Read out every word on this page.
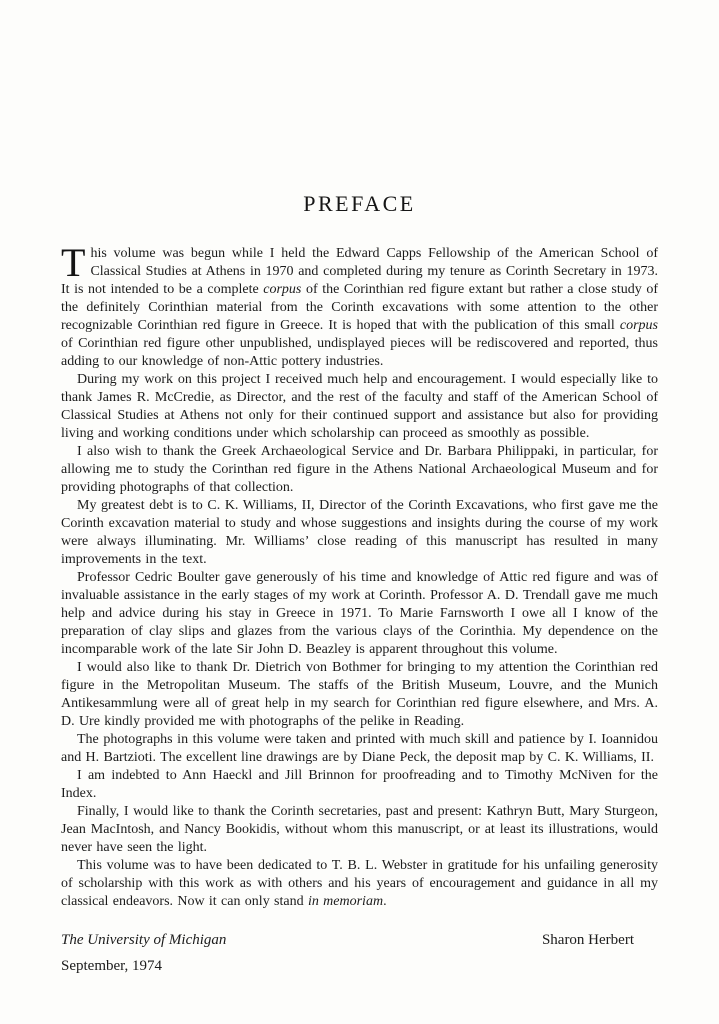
PREFACE

This volume was begun while I held the Edward Capps Fellowship of the American School of Classical Studies at Athens in 1970 and completed during my tenure as Corinth Secretary in 1973. It is not intended to be a complete corpus of the Corinthian red figure extant but rather a close study of the definitely Corinthian material from the Corinth excavations with some attention to the other recognizable Corinthian red figure in Greece. It is hoped that with the publication of this small corpus of Corinthian red figure other unpublished, undisplayed pieces will be rediscovered and reported, thus adding to our knowledge of non-Attic pottery industries.

During my work on this project I received much help and encouragement. I would especially like to thank James R. McCredie, as Director, and the rest of the faculty and staff of the American School of Classical Studies at Athens not only for their continued support and assistance but also for providing living and working conditions under which scholarship can proceed as smoothly as possible.

I also wish to thank the Greek Archaeological Service and Dr. Barbara Philippaki, in particular, for allowing me to study the Corinthan red figure in the Athens National Archaeological Museum and for providing photographs of that collection.

My greatest debt is to C. K. Williams, II, Director of the Corinth Excavations, who first gave me the Corinth excavation material to study and whose suggestions and insights during the course of my work were always illuminating. Mr. Williams’ close reading of this manuscript has resulted in many improvements in the text.

Professor Cedric Boulter gave generously of his time and knowledge of Attic red figure and was of invaluable assistance in the early stages of my work at Corinth. Professor A. D. Trendall gave me much help and advice during his stay in Greece in 1971. To Marie Farnsworth I owe all I know of the preparation of clay slips and glazes from the various clays of the Corinthia. My dependence on the incomparable work of the late Sir John D. Beazley is apparent throughout this volume.

I would also like to thank Dr. Dietrich von Bothmer for bringing to my attention the Corinthian red figure in the Metropolitan Museum. The staffs of the British Museum, Louvre, and the Munich Antikesammlung were all of great help in my search for Corinthian red figure elsewhere, and Mrs. A. D. Ure kindly provided me with photographs of the pelike in Reading.

The photographs in this volume were taken and printed with much skill and patience by I. Ioannidou and H. Bartzioti. The excellent line drawings are by Diane Peck, the deposit map by C. K. Williams, II.

I am indebted to Ann Haeckl and Jill Brinnon for proofreading and to Timothy McNiven for the Index.

Finally, I would like to thank the Corinth secretaries, past and present: Kathryn Butt, Mary Sturgeon, Jean MacIntosh, and Nancy Bookidis, without whom this manuscript, or at least its illustrations, would never have seen the light.

This volume was to have been dedicated to T. B. L. Webster in gratitude for his unfailing generosity of scholarship with this work as with others and his years of encouragement and guidance in all my classical endeavors. Now it can only stand in memoriam.

The University of Michigan	Sharon Herbert
September, 1974
